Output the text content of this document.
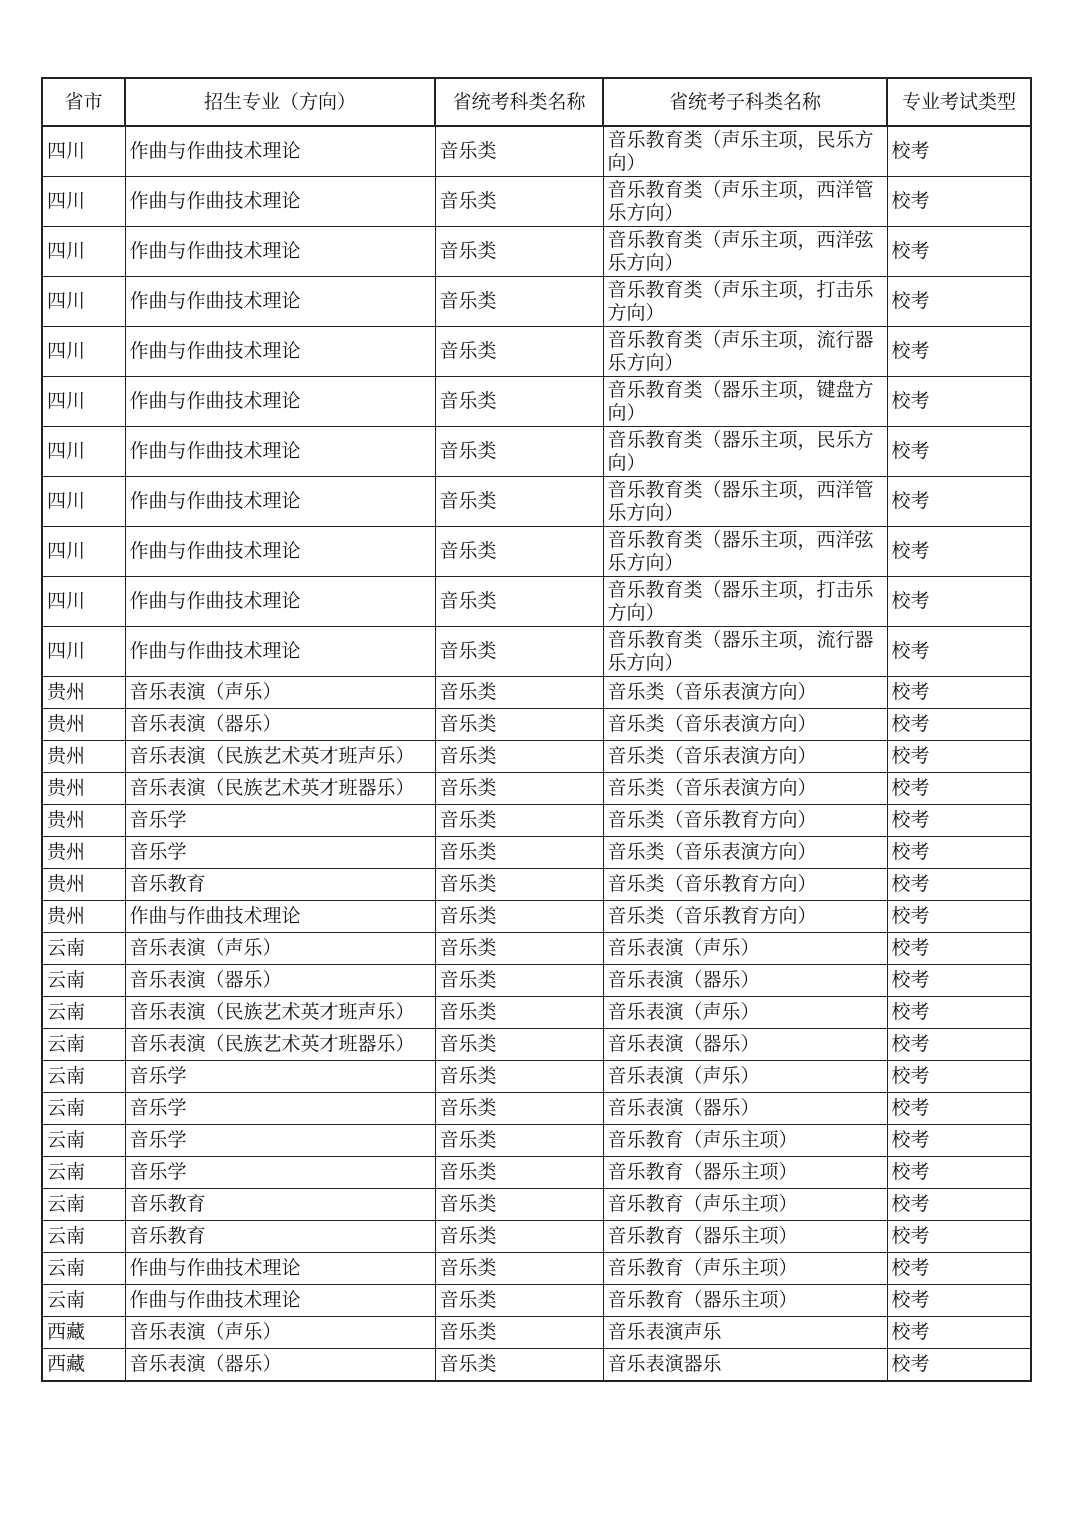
省市	招生专业（方向）	省统考科类名称	省统考子科类名称	专业考试类型
四川	作曲与作曲技术理论	音乐类	音乐教育类（声乐主项，民乐方向）	校考
四川	作曲与作曲技术理论	音乐类	音乐教育类（声乐主项，西洋管乐方向）	校考
四川	作曲与作曲技术理论	音乐类	音乐教育类（声乐主项，西洋弦乐方向）	校考
四川	作曲与作曲技术理论	音乐类	音乐教育类（声乐主项，打击乐方向）	校考
四川	作曲与作曲技术理论	音乐类	音乐教育类（声乐主项，流行器乐方向）	校考
四川	作曲与作曲技术理论	音乐类	音乐教育类（器乐主项，键盘方向）	校考
四川	作曲与作曲技术理论	音乐类	音乐教育类（器乐主项，民乐方向）	校考
四川	作曲与作曲技术理论	音乐类	音乐教育类（器乐主项，西洋管乐方向）	校考
四川	作曲与作曲技术理论	音乐类	音乐教育类（器乐主项，西洋弦乐方向）	校考
四川	作曲与作曲技术理论	音乐类	音乐教育类（器乐主项，打击乐方向）	校考
四川	作曲与作曲技术理论	音乐类	音乐教育类（器乐主项，流行器乐方向）	校考
贵州	音乐表演（声乐）	音乐类	音乐类（音乐表演方向）	校考
贵州	音乐表演（器乐）	音乐类	音乐类（音乐表演方向）	校考
贵州	音乐表演（民族艺术英才班声乐）	音乐类	音乐类（音乐表演方向）	校考
贵州	音乐表演（民族艺术英才班器乐）	音乐类	音乐类（音乐表演方向）	校考
贵州	音乐学	音乐类	音乐类（音乐教育方向）	校考
贵州	音乐学	音乐类	音乐类（音乐表演方向）	校考
贵州	音乐教育	音乐类	音乐类（音乐教育方向）	校考
贵州	作曲与作曲技术理论	音乐类	音乐类（音乐教育方向）	校考
云南	音乐表演（声乐）	音乐类	音乐表演（声乐）	校考
云南	音乐表演（器乐）	音乐类	音乐表演（器乐）	校考
云南	音乐表演（民族艺术英才班声乐）	音乐类	音乐表演（声乐）	校考
云南	音乐表演（民族艺术英才班器乐）	音乐类	音乐表演（器乐）	校考
云南	音乐学	音乐类	音乐表演（声乐）	校考
云南	音乐学	音乐类	音乐表演（器乐）	校考
云南	音乐学	音乐类	音乐教育（声乐主项）	校考
云南	音乐学	音乐类	音乐教育（器乐主项）	校考
云南	音乐教育	音乐类	音乐教育（声乐主项）	校考
云南	音乐教育	音乐类	音乐教育（器乐主项）	校考
云南	作曲与作曲技术理论	音乐类	音乐教育（声乐主项）	校考
云南	作曲与作曲技术理论	音乐类	音乐教育（器乐主项）	校考
西藏	音乐表演（声乐）	音乐类	音乐表演声乐	校考
西藏	音乐表演（器乐）	音乐类	音乐表演器乐	校考
